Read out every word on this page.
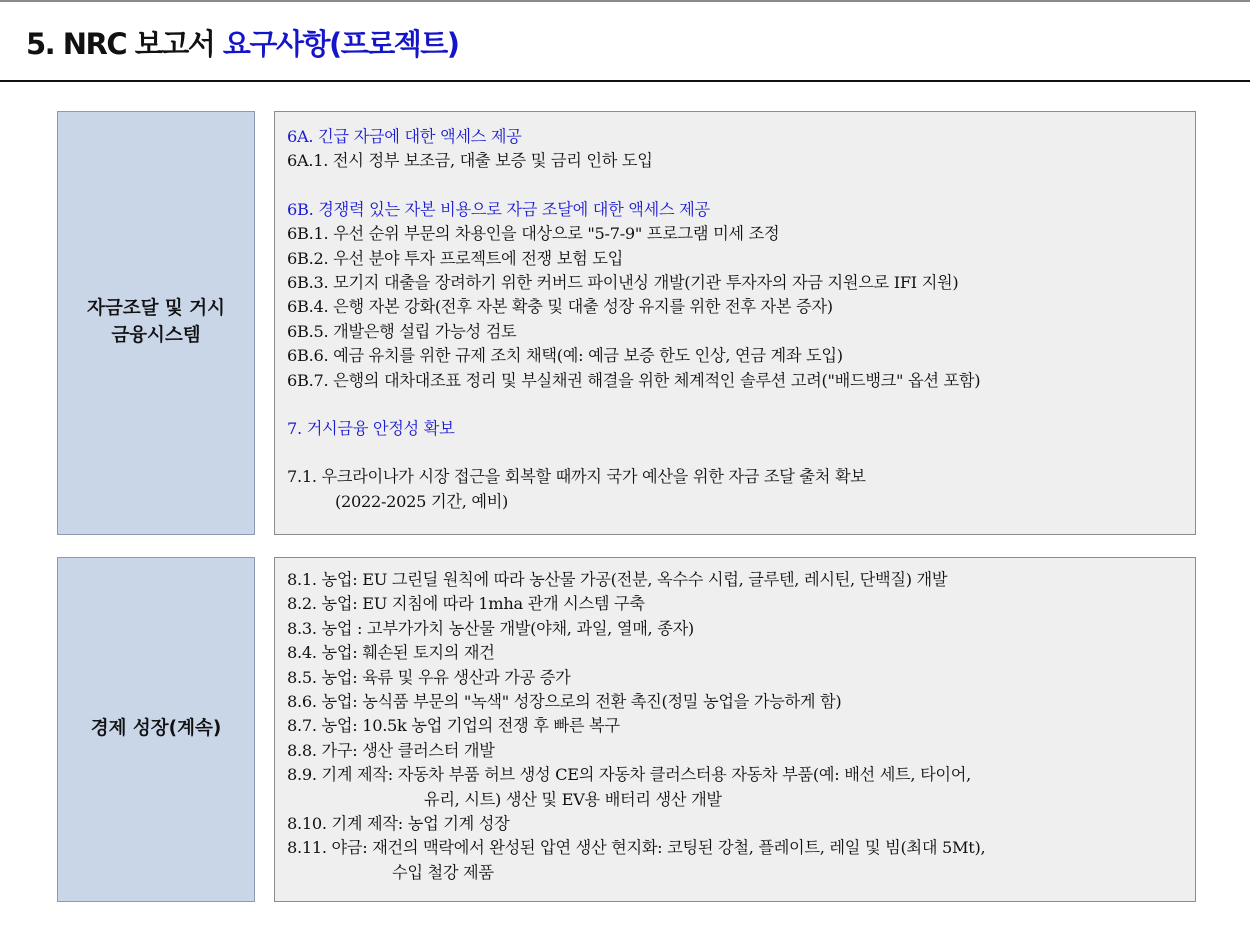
5. NRC 보고서 요구사항(프로젝트)
자금조달 및 거시
금융시스템
6A. 긴급 자금에 대한 액세스 제공
6A.1. 전시 정부 보조금, 대출 보증 및 금리 인하 도입
6B. 경쟁력 있는 자본 비용으로 자금 조달에 대한 액세스 제공
6B.1. 우선 순위 부문의 차용인을 대상으로 "5-7-9" 프로그램 미세 조정
6B.2. 우선 분야 투자 프로젝트에 전쟁 보험 도입
6B.3. 모기지 대출을 장려하기 위한 커버드 파이낸싱 개발(기관 투자자의 자금 지원으로 IFI 지원)
6B.4. 은행 자본 강화(전후 자본 확충 및 대출 성장 유지를 위한 전후 자본 증자)
6B.5. 개발은행 설립 가능성 검토
6B.6. 예금 유치를 위한 규제 조치 채택(예: 예금 보증 한도 인상, 연금 계좌 도입)
6B.7. 은행의 대차대조표 정리 및 부실채권 해결을 위한 체계적인 솔루션 고려("배드뱅크" 옵션 포함)
7. 거시금융 안정성 확보
7.1. 우크라이나가 시장 접근을 회복할 때까지 국가 예산을 위한 자금 조달 출처 확보
(2022-2025 기간, 예비)
경제 성장(계속)
8.1. 농업: EU 그린딜 원칙에 따라 농산물 가공(전분, 옥수수 시럽, 글루텐, 레시틴, 단백질) 개발
8.2. 농업: EU 지침에 따라 1mha 관개 시스템 구축
8.3. 농업 : 고부가가치 농산물 개발(야채, 과일, 열매, 종자)
8.4. 농업: 훼손된 토지의 재건
8.5. 농업: 육류 및 우유 생산과 가공 증가
8.6. 농업: 농식품 부문의 "녹색" 성장으로의 전환 촉진(정밀 농업을 가능하게 함)
8.7. 농업: 10.5k 농업 기업의 전쟁 후 빠른 복구
8.8. 가구: 생산 클러스터 개발
8.9. 기계 제작: 자동차 부품 허브 생성 CE의 자동차 클러스터용 자동차 부품(예: 배선 세트, 타이어,
유리, 시트) 생산 및 EV용 배터리 생산 개발
8.10. 기계 제작: 농업 기계 성장
8.11. 야금: 재건의 맥락에서 완성된 압연 생산 현지화: 코팅된 강철, 플레이트, 레일 및 빔(최대 5Mt),
수입 철강 제품
